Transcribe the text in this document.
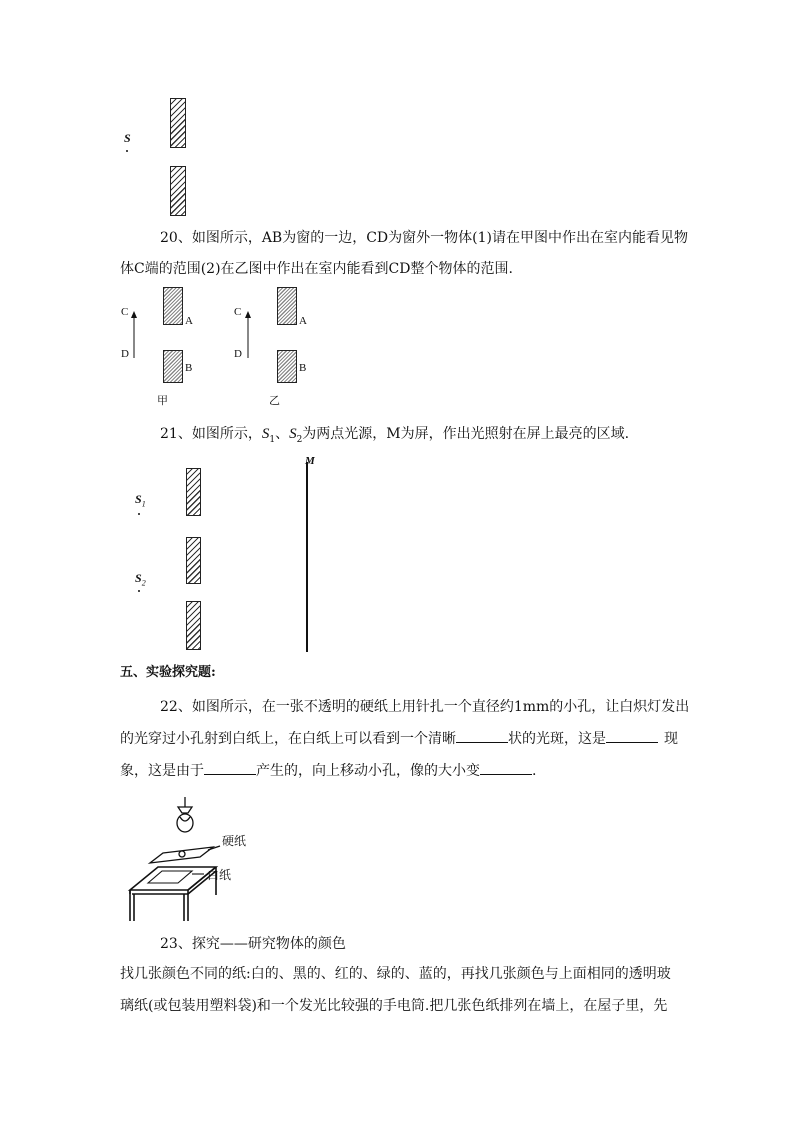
S
20、如图所示，AB为窗的一边，CD为窗外一物体(1)请在甲图中作出在室内能看见物
体C端的范围(2)在乙图中作出在室内能看到CD整个物体的范围.
C
D
A
B
甲
C
D
A
B
乙
21、如图所示，$S_1$、$S_2$为两点光源，M为屏，作出光照射在屏上最亮的区域.
$S_1$
$S_2$
M
五、实验探究题:
22、如图所示，在一张不透明的硬纸上用针扎一个直径约1mm的小孔，让白炽灯发出
的光穿过小孔射到白纸上，在白纸上可以看到一个清晰	状的光斑，这是	现
象，这是由于	产生的，向上移动小孔，像的大小变	.
硬纸
白纸
23、探究——研究物体的颜色
找几张颜色不同的纸:白的、黑的、红的、绿的、蓝的，再找几张颜色与上面相同的透明玻
璃纸(或包装用塑料袋)和一个发光比较强的手电筒.把几张色纸排列在墙上，在屋子里，先
